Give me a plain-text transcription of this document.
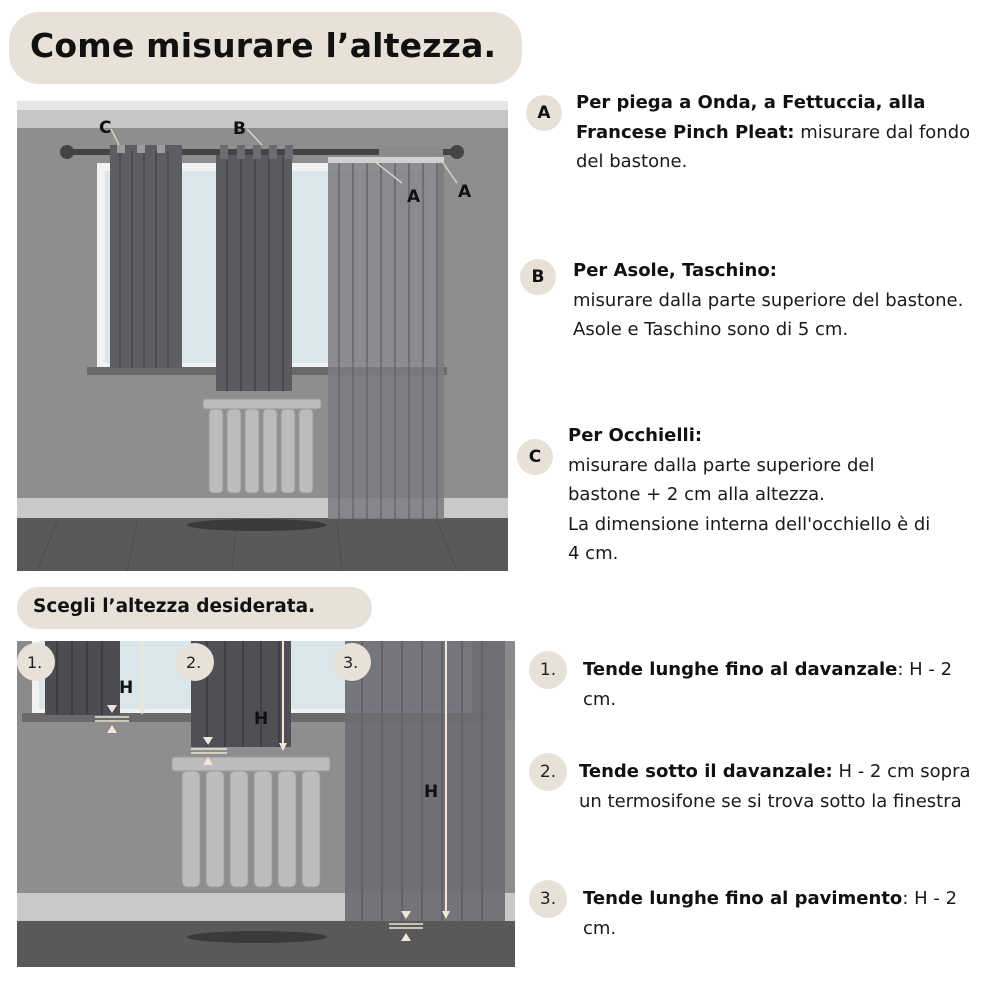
Come misurare l’altezza.
C	B
A A
A	Per piega a Onda, a Fettuccia, alla Francese Pinch Pleat: misurare dal fondo del bastone.
B	Per Asole, Taschino:
misurare dalla parte superiore del bastone.
Asole e Taschino sono di 5 cm.
C
Per Occhielli:
misurare dalla parte superiore del
bastone + 2 cm alla altezza.
La dimensione interna dell'occhiello è di
4 cm.
Scegli l’altezza desiderata.
1.	2.	3.
H
H
H
1.	Tende lunghe fino al davanzale: H - 2 cm.
2.	Tende sotto il davanzale: H - 2 cm sopra un termosifone se si trova sotto la finestra
3.	Tende lunghe fino al pavimento: H - 2 cm.
